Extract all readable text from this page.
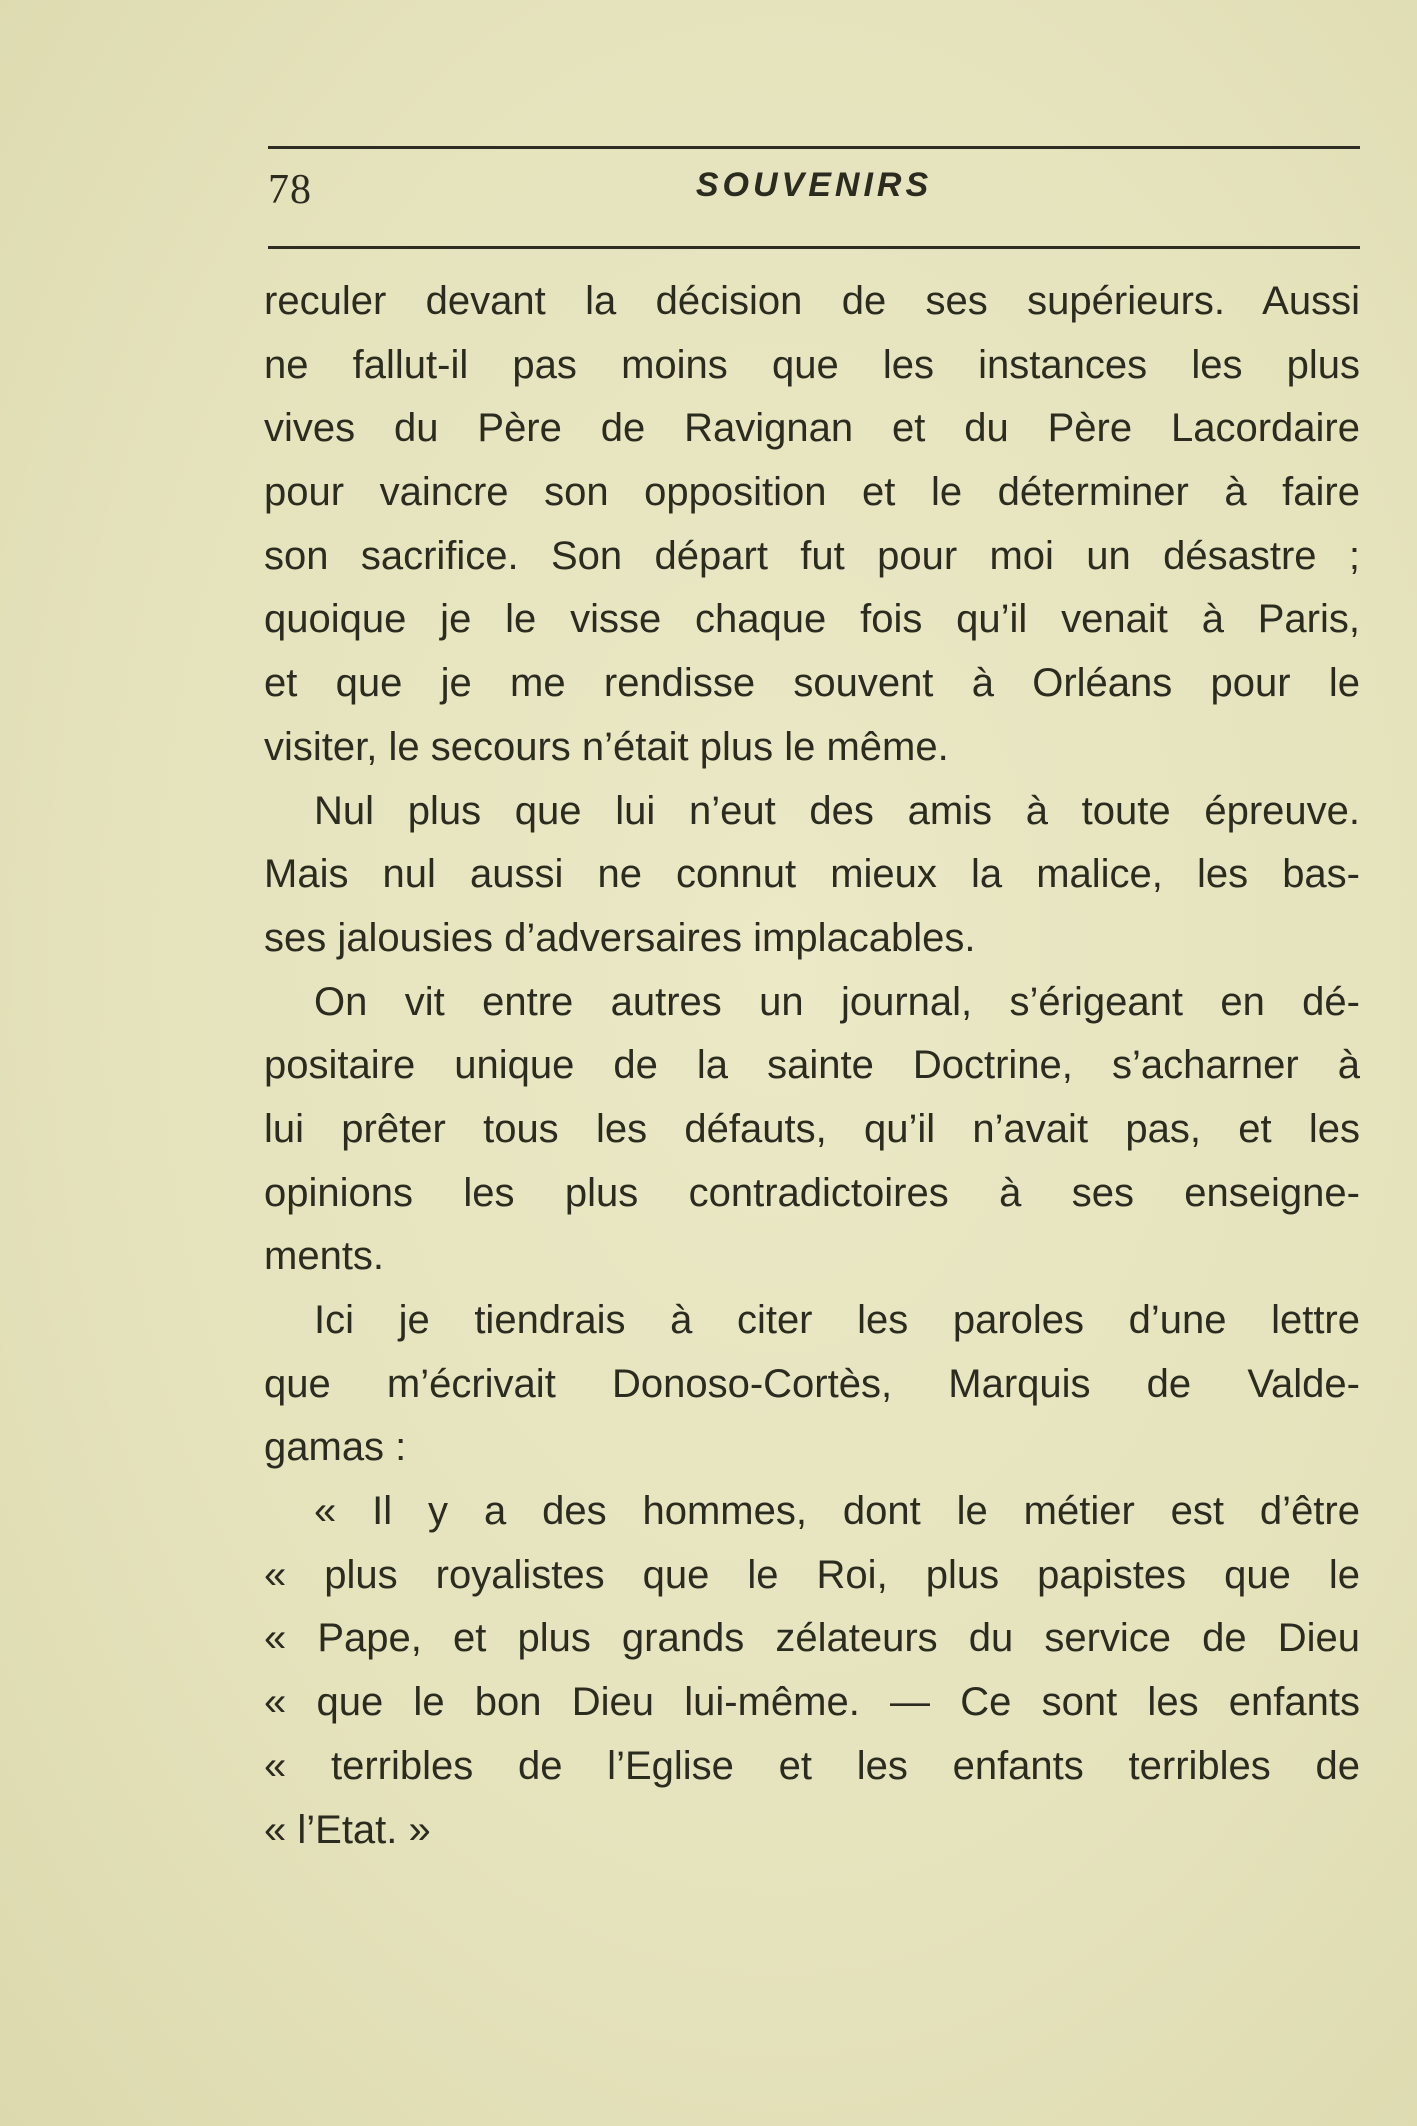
78	SOUVENIRS
reculer devant la décision de ses supérieurs. Aussi
ne fallut-il pas moins que les instances les plus
vives du Père de Ravignan et du Père Lacordaire
pour vaincre son opposition et le déterminer à faire
son sacrifice. Son départ fut pour moi un désastre ;
quoique je le visse chaque fois qu’il venait à Paris,
et que je me rendisse souvent à Orléans pour le
visiter, le secours n’était plus le même.
Nul plus que lui n’eut des amis à toute épreuve.
Mais nul aussi ne connut mieux la malice, les bas-
ses jalousies d’adversaires implacables.
On vit entre autres un journal, s’érigeant en dé-
positaire unique de la sainte Doctrine, s’acharner à
lui prêter tous les défauts, qu’il n’avait pas, et les
opinions les plus contradictoires à ses enseigne-
ments.
Ici je tiendrais à citer les paroles d’une lettre
que m’écrivait Donoso-Cortès, Marquis de Valde-
gamas :
« Il y a des hommes, dont le métier est d’être
« plus royalistes que le Roi, plus papistes que le
« Pape, et plus grands zélateurs du service de Dieu
« que le bon Dieu lui-même. — Ce sont les enfants
« terribles de l’Eglise et les enfants terribles de
« l’Etat. »
